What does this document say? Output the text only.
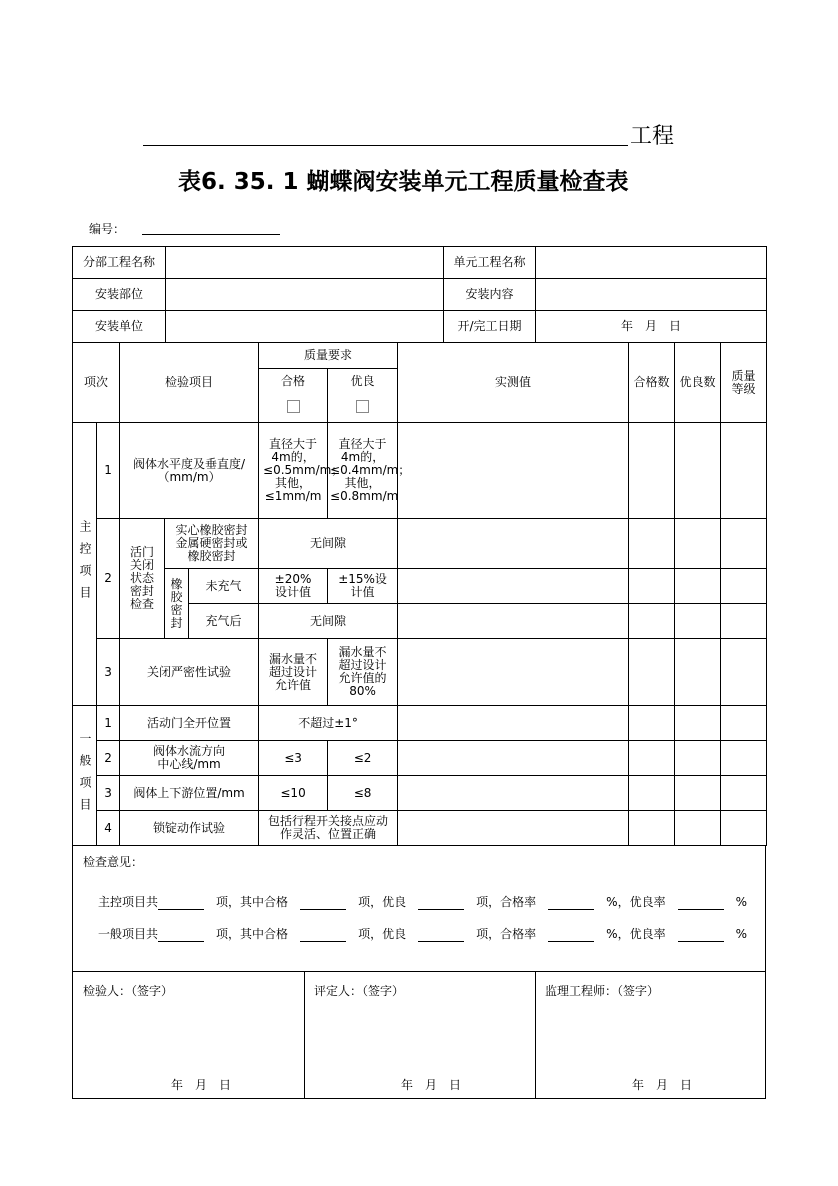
工程
表6. 35. 1 蝴蝶阀安装单元工程质量检查表
编号：
分部工程名称		单元工程名称	
安装部位		安装内容	
安装单位		开/完工日期	年　月　日
项次		检验项目			质量要求		实测值	合格数	优良数	质量等级

					合格	优良				

主控项目	1	阀体水平度及垂直度/（mm/m）			直径大于4m的，≤0.5mm/m；其他，≤1mm/m	直径大于4m的，≤0.4mm/m；其他，≤0.8mm/m				
	2	活门关闭状态密封检查	实心橡胶密封金属硬密封或橡胶密封		无间隙					
			橡胶密封	未充气	±20%设计值	±15%设计值				
				充气后	无间隙					
	3	关闭严密性试验			漏水量不超过设计允许值	漏水量不超过设计允许值的80%				

一般项目	1	活动门全开位置			不超过±1°					
	2	阀体水流方向中心线/mm			≤3	≤2				
	3	阀体上下游位置/mm			≤10	≤8				
	4	锁锭动作试验			包括行程开关接点应动作灵活、位置正确					
检查意见：
主控项目共　	项，其中合格　　	项，优良　　	项，合格率　　	%，优良率　　	%
一般项目共　	项，其中合格　　	项，优良　　	项，合格率　　	%，优良率　　	%
检验人：（签字）	评定人：（签字）	监理工程师：（签字）
年　月　日	年　月　日	年　月　日
